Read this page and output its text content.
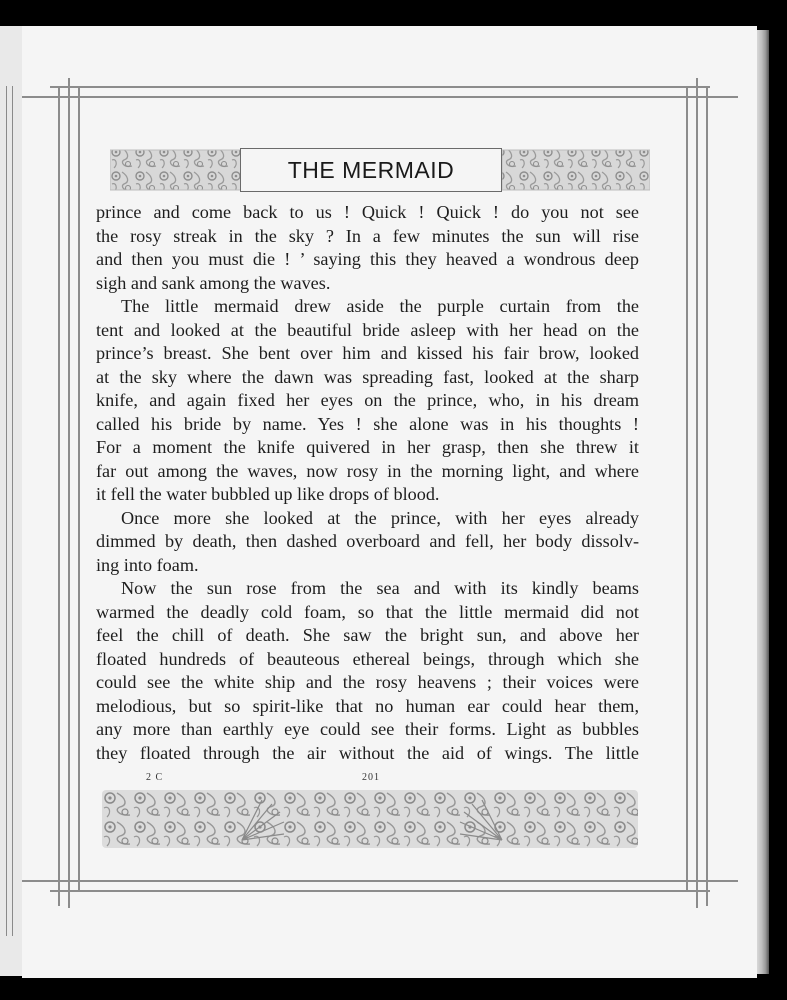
THE MERMAID
prince and come back to us ! Quick ! Quick ! do you not see
the rosy streak in the sky ? In a few minutes the sun will rise
and then you must die ! ’ saying this they heaved a wondrous deep
sigh and sank among the waves.
The little mermaid drew aside the purple curtain from the
tent and looked at the beautiful bride asleep with her head on the
prince’s breast. She bent over him and kissed his fair brow, looked
at the sky where the dawn was spreading fast, looked at the sharp
knife, and again fixed her eyes on the prince, who, in his dream
called his bride by name. Yes ! she alone was in his thoughts !
For a moment the knife quivered in her grasp, then she threw it
far out among the waves, now rosy in the morning light, and where
it fell the water bubbled up like drops of blood.
Once more she looked at the prince, with her eyes already
dimmed by death, then dashed overboard and fell, her body dissolv-
ing into foam.
Now the sun rose from the sea and with its kindly beams
warmed the deadly cold foam, so that the little mermaid did not
feel the chill of death. She saw the bright sun, and above her
floated hundreds of beauteous ethereal beings, through which she
could see the white ship and the rosy heavens ; their voices were
melodious, but so spirit-like that no human ear could hear them,
any more than earthly eye could see their forms. Light as bubbles
they floated through the air without the aid of wings. The little
2 C	201
